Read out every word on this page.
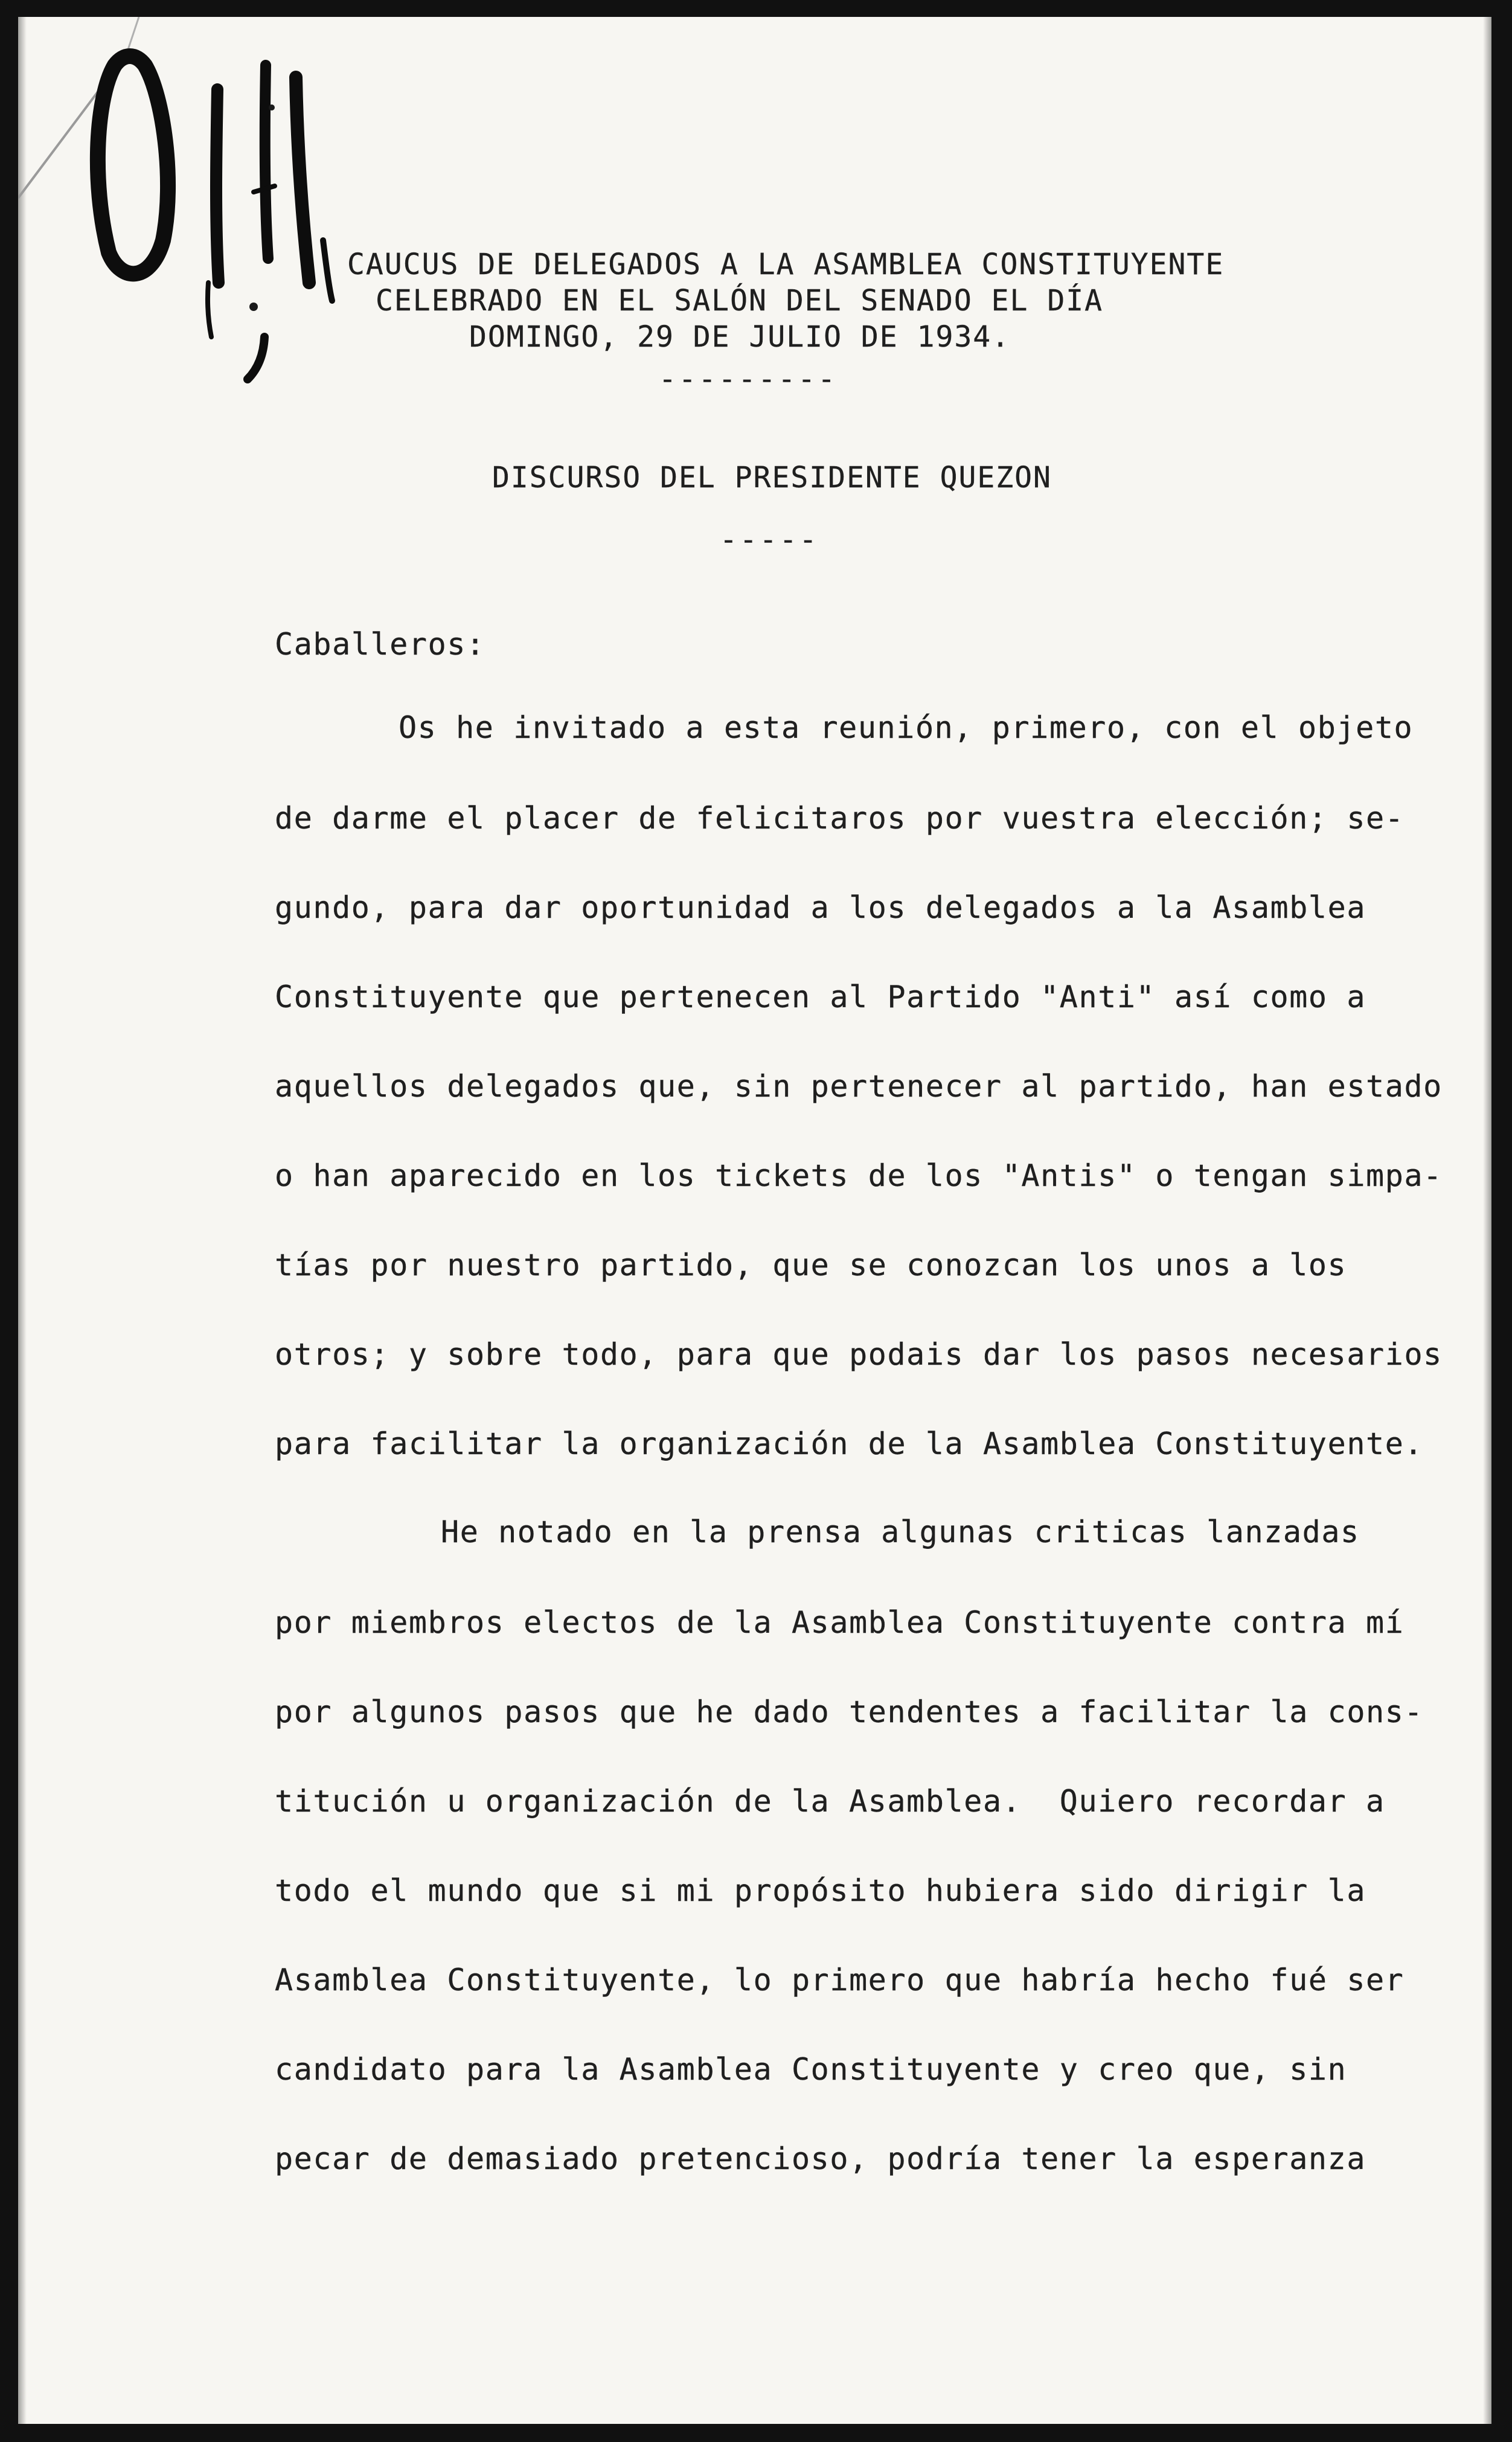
CAUCUS DE DELEGADOS A LA ASAMBLEA CONSTITUYENTE
CELEBRADO EN EL SALÓN DEL SENADO EL DÍA
DOMINGO, 29 DE JULIO DE 1934.
---------
DISCURSO DEL PRESIDENTE QUEZON
-----
Caballeros:
Os he invitado a esta reunión, primero, con el objeto
de darme el placer de felicitaros por vuestra elección; se-
gundo, para dar oportunidad a los delegados a la Asamblea
Constituyente que pertenecen al Partido "Anti" así como a
aquellos delegados que, sin pertenecer al partido, han estado
o han aparecido en los tickets de los "Antis" o tengan simpa-
tías por nuestro partido, que se conozcan los unos a los
otros; y sobre todo, para que podais dar los pasos necesarios
para facilitar la organización de la Asamblea Constituyente.
He notado en la prensa algunas criticas lanzadas
por miembros electos de la Asamblea Constituyente contra mí
por algunos pasos que he dado tendentes a facilitar la cons-
titución u organización de la Asamblea.  Quiero recordar a
todo el mundo que si mi propósito hubiera sido dirigir la
Asamblea Constituyente, lo primero que habría hecho fué ser
candidato para la Asamblea Constituyente y creo que, sin
pecar de demasiado pretencioso, podría tener la esperanza
